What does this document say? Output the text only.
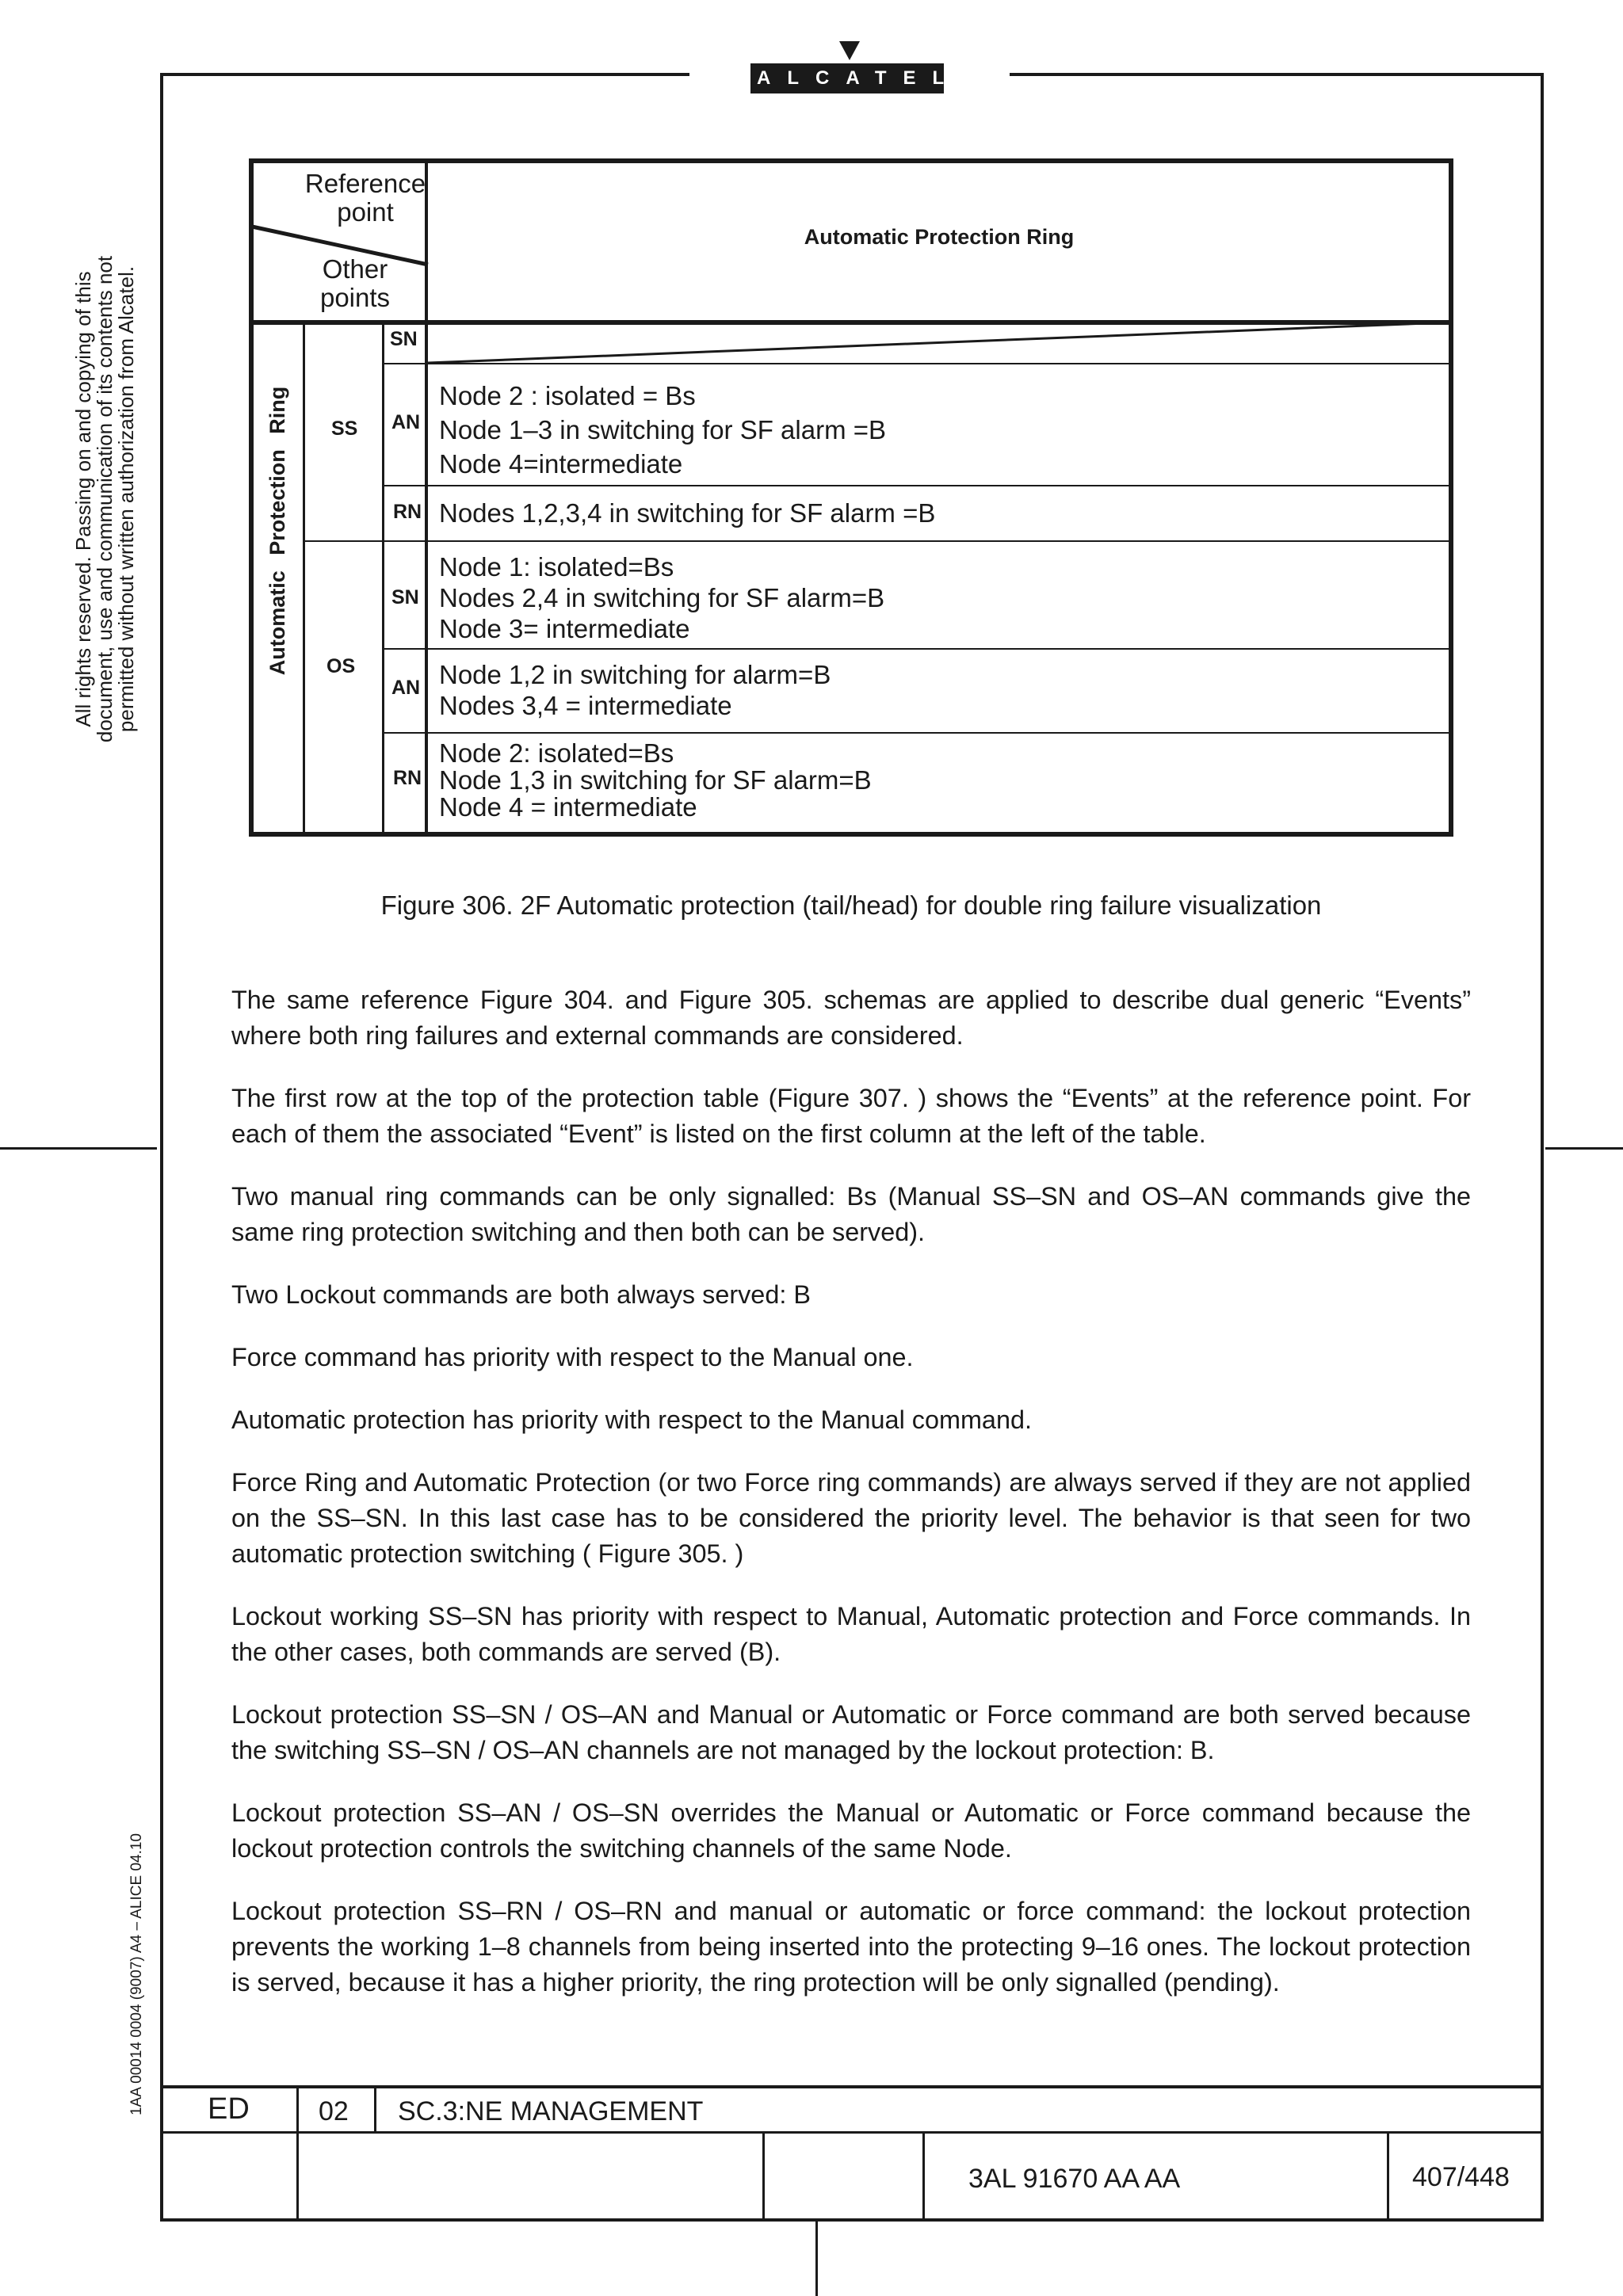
ALCATEL
All rights reserved. Passing on and copying of this document, use and communication of its contents not permitted without written authorization from Alcatel.
1AA 00014 0004 (9007) A4 – ALICE 04.10
Reference point
Other points
Automatic Protection Ring
Automatic Protection Ring SS
OS
SN
AN
RN
SN
AN
RN
Node 2 : isolated = Bs
Node 1–3 in switching for SF alarm =B
Node 4=intermediate
Nodes 1,2,3,4 in switching for SF alarm =B
Node 1: isolated=Bs
Nodes 2,4 in switching for SF alarm=B
Node 3= intermediate
Node 1,2 in switching for alarm=B
Nodes 3,4 = intermediate
Node 2: isolated=Bs
Node 1,3 in switching for SF alarm=B
Node 4 = intermediate
Figure 306. 2F Automatic protection (tail/head) for double ring failure visualization

The same reference Figure 304. and Figure 305. schemas are applied to describe dual generic “Events” where both ring failures and external commands are considered.

The first row at the top of the protection table (Figure 307. ) shows the “Events” at the reference point. For each of them the associated “Event” is listed on the first column at the left of the table.

Two manual ring commands can be only signalled: Bs (Manual SS–SN and OS–AN commands give the same ring protection switching and then both can be served).

Two Lockout commands are both always served: B

Force command has priority with respect to the Manual one.

Automatic protection has priority with respect to the Manual command.

Force Ring and Automatic Protection (or two Force ring commands) are always served if they are not applied on the SS–SN. In this last case has to be considered the priority level. The behavior is that seen for two automatic protection switching ( Figure 305. )

Lockout working SS–SN has priority with respect to Manual, Automatic protection and Force commands. In the other cases, both commands are served (B).

Lockout protection SS–SN / OS–AN and Manual or Automatic or Force command are both served because the switching SS–SN / OS–AN channels are not managed by the lockout protection: B.

Lockout protection SS–AN / OS–SN overrides the Manual or Automatic or Force command because the lockout protection controls the switching channels of the same Node.

Lockout protection SS–RN / OS–RN and manual or automatic or force command: the lockout protection prevents the working 1–8 channels from being inserted into the protecting 9–16 ones. The lockout protection is served, because it has a higher priority, the ring protection will be only signalled (pending).

ED	02 SC.3:NE MANAGEMENT
3AL 91670 AA AA	407/448
